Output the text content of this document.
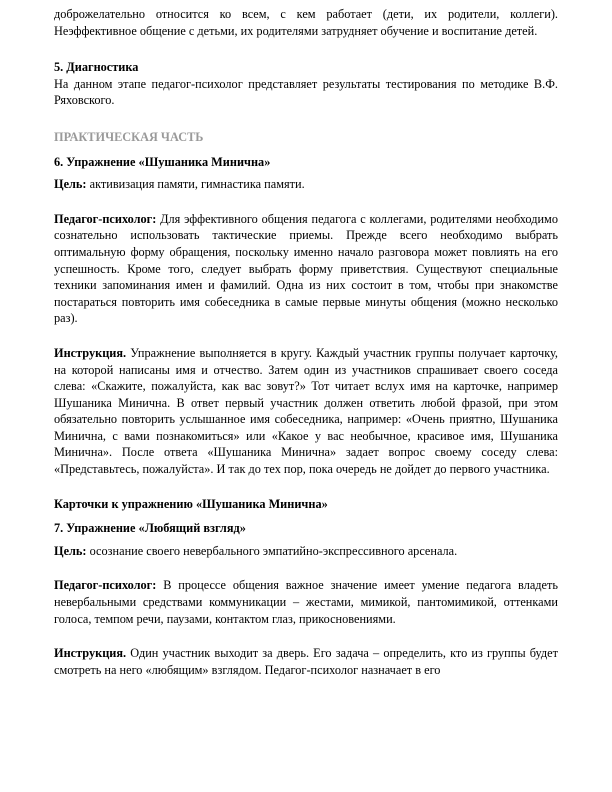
доброжелательно относится ко всем, с кем работает (дети, их родители, коллеги). Неэффективное общение с детьми, их родителями затрудняет обучение и воспитание детей.

5. Диагностика

На данном этапе педагог-психолог представляет результаты тестирования по методике В.Ф. Ряховского.

ПРАКТИЧЕСКАЯ ЧАСТЬ

6. Упражнение «Шушаника Минична»

Цель: активизация памяти, гимнастика памяти.

Педагог-психолог: Для эффективного общения педагога с коллегами, родителями необходимо сознательно использовать тактические приемы. Прежде всего необходимо выбрать оптимальную форму обращения, поскольку именно начало разговора может повлиять на его успешность. Кроме того, следует выбрать форму приветствия. Существуют специальные техники запоминания имен и фамилий. Одна из них состоит в том, чтобы при знакомстве постараться повторить имя собеседника в самые первые минуты общения (можно несколько раз).

Инструкция. Упражнение выполняется в кругу. Каждый участник группы получает карточку, на которой написаны имя и отчество. Затем один из участников спрашивает своего соседа слева: «Скажите, пожалуйста, как вас зовут?» Тот читает вслух имя на карточке, например Шушаника Минична. В ответ первый участник должен ответить любой фразой, при этом обязательно повторить услышанное имя собеседника, например: «Очень приятно, Шушаника Минична, с вами познакомиться» или «Какое у вас необычное, красивое имя, Шушаника Минична». После ответа «Шушаника Минична» задает вопрос своему соседу слева: «Представьтесь, пожалуйста». И так до тех пор, пока очередь не дойдет до первого участника.

Карточки к упражнению «Шушаника Минична»

7. Упражнение «Любящий взгляд»

Цель: осознание своего невербального эмпатийно-экспрессивного арсенала.

Педагог-психолог: В процессе общения важное значение имеет умение педагога владеть невербальными средствами коммуникации – жестами, мимикой, пантомимикой, оттенками голоса, темпом речи, паузами, контактом глаз, прикосновениями.

Инструкция. Один участник выходит за дверь. Его задача – определить, кто из группы будет смотреть на него «любящим» взглядом. Педагог-психолог назначает в его
